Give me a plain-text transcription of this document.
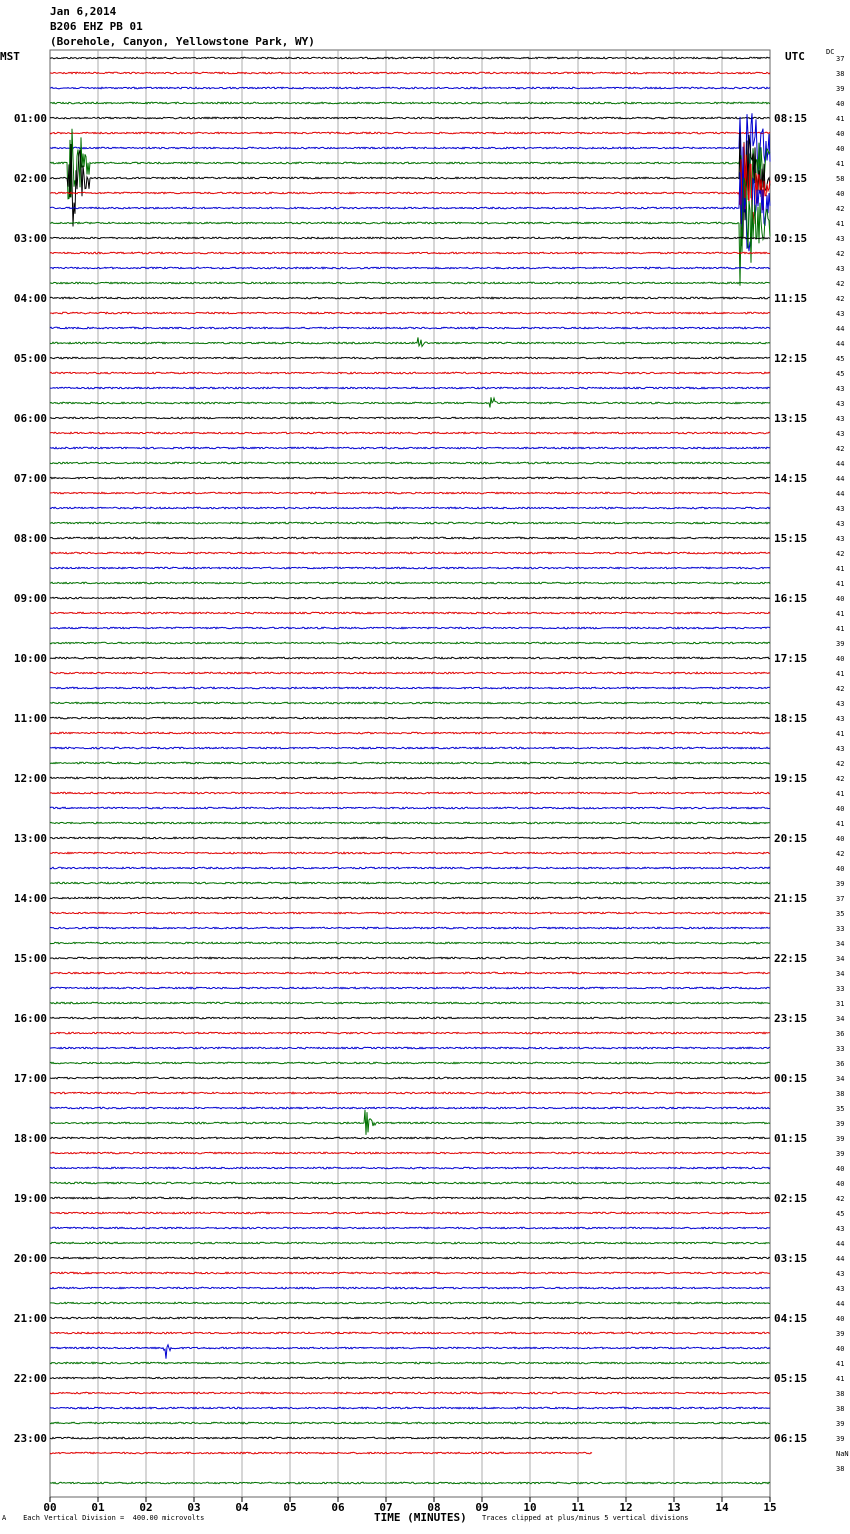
Jan 6,2014
B206 EHZ PB 01
(Borehole, Canyon, Yellowstone Park, WY)
MST	UTC	DC
00	01	02	03	04	05	06	07	08	09	10	11	12	13	14	15
37
38
39
40
41
40
40
41
58
40
42
41
43
42
43
42
42
43
44
44
45
45
43
43
43
43
42
44
44
44
43
43
43
42
41
41
40
41
41
39
40
41
42
43
43
41
43
42
42
41
40
41
40
42
40
39
37
35
33
34
34
34
33
31
34
36
33
36
34
38
35
39
39
39
40
40
42
45
43
44
44
43
43
44
40
39
40
41
41
38
38
39
39
NaN
38
01:00
02:00
03:00
04:00
05:00
06:00
07:00
08:00
09:00
10:00
11:00
12:00
13:00
14:00
15:00
16:00
17:00
18:00
19:00
20:00
21:00
22:00
23:00
08:15
09:15
10:15
11:15
12:15
13:15
14:15
15:15
16:15
17:15
18:15
19:15
20:15
21:15
22:15
23:15
00:15
01:15
02:15
03:15
04:15
05:15
06:15
A Each Vertical Division =  400.00 microvolts	TIME (MINUTES) Traces clipped at plus/minus 5 vertical divisions
